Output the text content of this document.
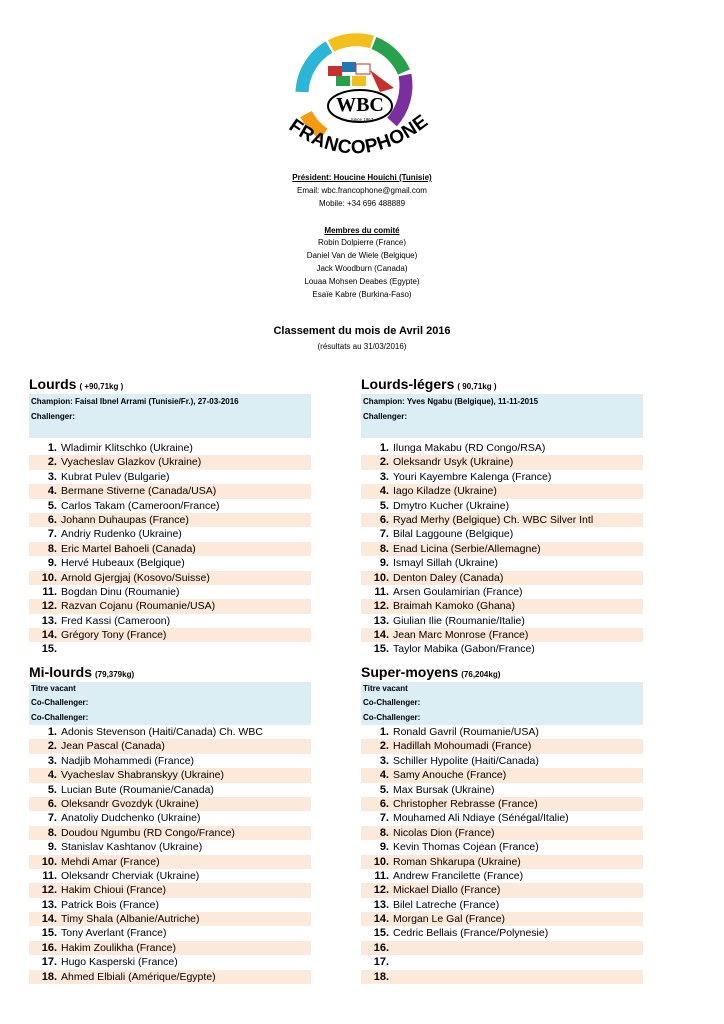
WBC
Since 1963
FRANCOPHONE
Président: Houcine Houichi (Tunisie)
Email: wbc.francophone@gmail.com
Mobile: +34 696 488889
Membres du comité
Robin Dolpierre (France)
Daniel Van de Wiele (Belgique)
Jack Woodburn (Canada)
Louaa Mohsen Deabes (Egypte)
Esaïe Kabre (Burkina-Faso)
Classement du mois de Avril 2016
(résultats au 31/03/2016)
Lourds ( +90,71kg )
Champion: Faisal Ibnel Arrami (Tunisie/Fr.), 27-03-2016
Challenger:
1. Wladimir Klitschko (Ukraine)
2. Vyacheslav Glazkov (Ukraine)
3. Kubrat Pulev (Bulgarie)
4. Bermane Stiverne (Canada/USA)
5. Carlos Takam (Cameroon/France)
6. Johann Duhaupas (France)
7. Andriy Rudenko (Ukraine)
8. Eric Martel Bahoeli (Canada)
9. Hervé Hubeaux (Belgique)
10. Arnold Gjergjaj (Kosovo/Suisse)
11. Bogdan Dinu (Roumanie)
12. Razvan Cojanu (Roumanie/USA)
13. Fred Kassi (Cameroon)
14. Grégory Tony (France)
15.
Lourds-légers ( 90,71kg )
Champion: Yves Ngabu (Belgique), 11-11-2015
Challenger:
1. Ilunga Makabu (RD Congo/RSA)
2. Oleksandr Usyk (Ukraine)
3. Youri Kayembre Kalenga (France)
4. Iago Kiladze (Ukraine)
5. Dmytro Kucher (Ukraine)
6. Ryad Merhy (Belgique) Ch. WBC Silver Intl
7. Bilal Laggoune (Belgique)
8. Enad Licina (Serbie/Allemagne)
9. Ismayl Sillah (Ukraine)
10. Denton Daley (Canada)
11. Arsen Goulamirian (France)
12. Braimah Kamoko (Ghana)
13. Giulian Ilie (Roumanie/Italie)
14. Jean Marc Monrose (France)
15. Taylor Mabika (Gabon/France)
Mi-lourds (79,379kg)
Titre vacant
Co-Challenger:
Co-Challenger:
1. Adonis Stevenson (Haiti/Canada) Ch. WBC
2. Jean Pascal (Canada)
3. Nadjib Mohammedi (France)
4. Vyacheslav Shabranskyy (Ukraine)
5. Lucian Bute (Roumanie/Canada)
6. Oleksandr Gvozdyk (Ukraine)
7. Anatoliy Dudchenko (Ukraine)
8. Doudou Ngumbu (RD Congo/France)
9. Stanislav Kashtanov (Ukraine)
10. Mehdi Amar (France)
11. Oleksandr Cherviak (Ukraine)
12. Hakim Chioui (France)
13. Patrick Bois (France)
14. Timy Shala (Albanie/Autriche)
15. Tony Averlant (France)
16. Hakim Zoulikha (France)
17. Hugo Kasperski (France)
18. Ahmed Elbiali (Amérique/Egypte)
Super-moyens (76,204kg)
Titre vacant
Co-Challenger:
Co-Challenger:
1. Ronald Gavril (Roumanie/USA)
2. Hadillah Mohoumadi (France)
3. Schiller Hypolite (Haiti/Canada)
4. Samy Anouche (France)
5. Max Bursak (Ukraine)
6. Christopher Rebrasse (France)
7. Mouhamed Ali Ndiaye (Sénégal/Italie)
8. Nicolas Dion (France)
9. Kevin Thomas Cojean (France)
10. Roman Shkarupa (Ukraine)
11. Andrew Francilette (France)
12. Mickael Diallo (France)
13. Bilel Latreche (France)
14. Morgan Le Gal (France)
15. Cedric Bellais (France/Polynesie)
16.
17.
18.
